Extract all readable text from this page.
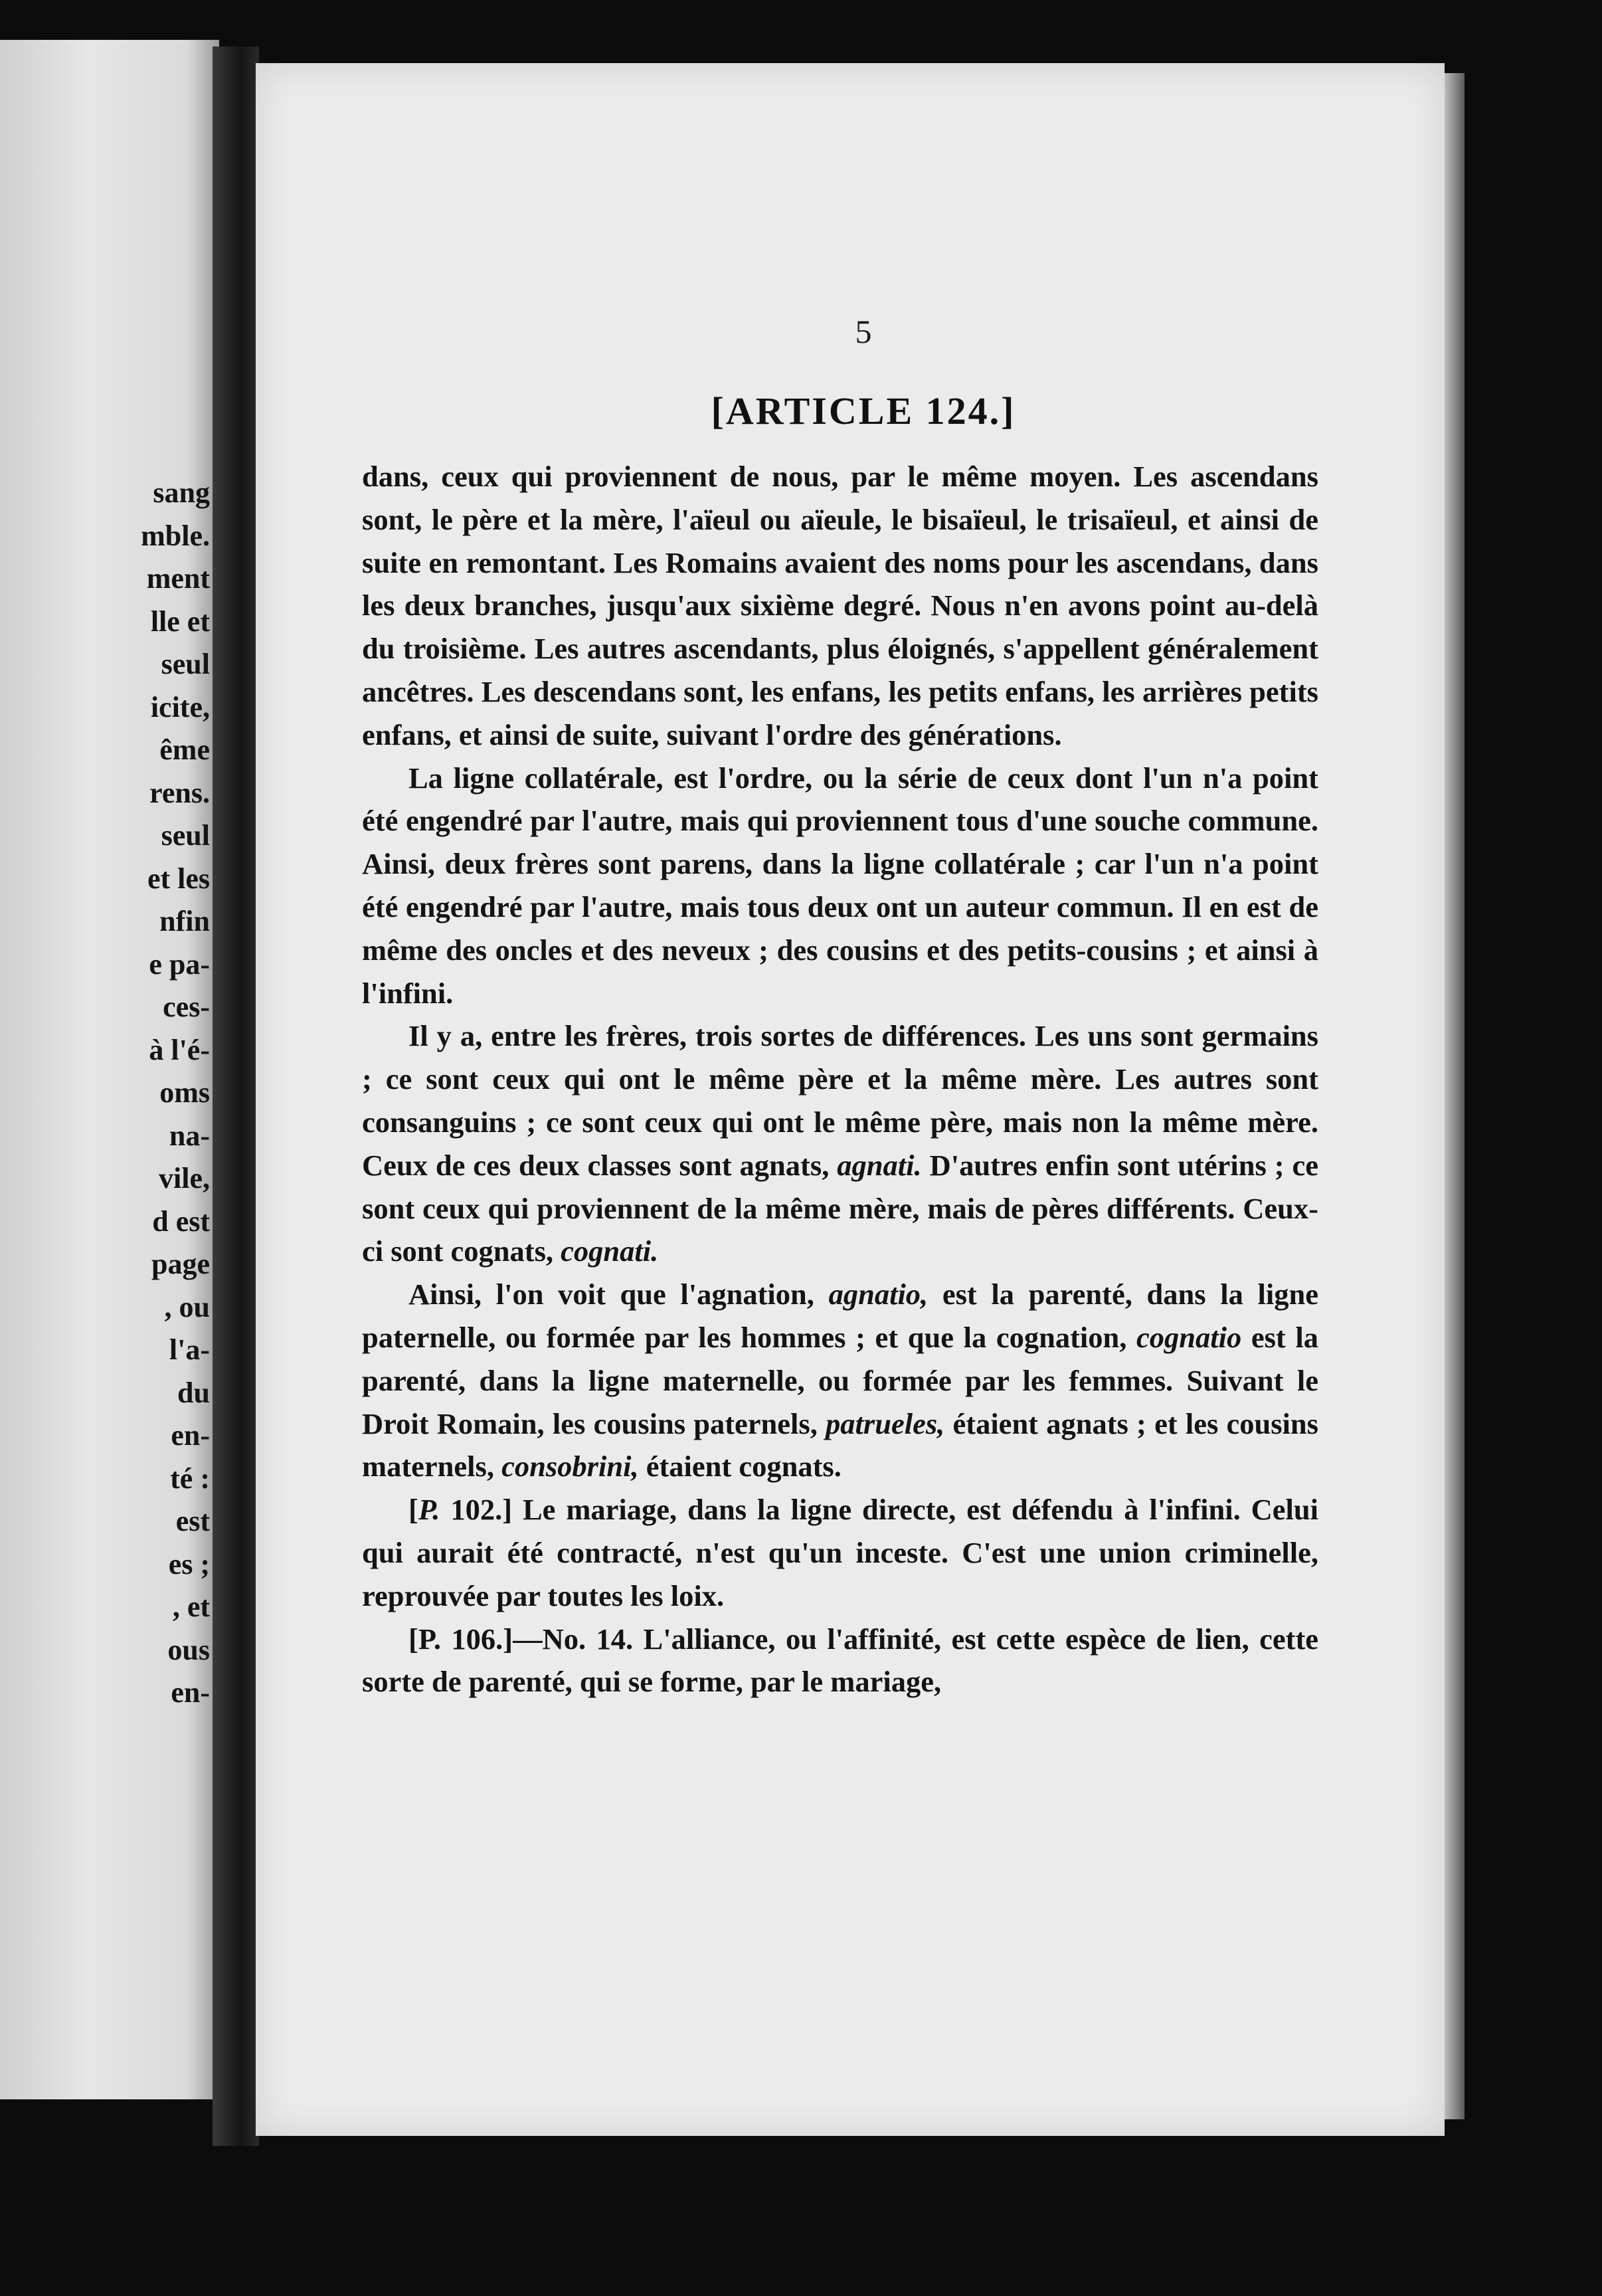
sang
mble.
ment
lle et
seul
icite,
ême
rens.
seul
et les
nfin
e pa-
ces-
à l'é-
oms
na-
vile,
d est
page
, ou
l'a-
du
en-
té :
est
es ;
, et
ous
en-
5
[ARTICLE 124.]

dans, ceux qui proviennent de nous, par le même moyen. Les ascendans sont, le père et la mère, l'aïeul ou aïeule, le bisaïeul, le trisaïeul, et ainsi de suite en remontant. Les Romains avaient des noms pour les ascendans, dans les deux branches, jusqu'aux sixième degré. Nous n'en avons point au-delà du troisième. Les autres ascendants, plus éloignés, s'appellent généralement ancêtres. Les descendans sont, les enfans, les petits enfans, les arrières petits enfans, et ainsi de suite, suivant l'ordre des générations.

La ligne collatérale, est l'ordre, ou la série de ceux dont l'un n'a point été engendré par l'autre, mais qui proviennent tous d'une souche commune. Ainsi, deux frères sont parens, dans la ligne collatérale ; car l'un n'a point été engendré par l'autre, mais tous deux ont un auteur commun. Il en est de même des oncles et des neveux ; des cousins et des petits-cousins ; et ainsi à l'infini.

Il y a, entre les frères, trois sortes de différences. Les uns sont germains ; ce sont ceux qui ont le même père et la même mère. Les autres sont consanguins ; ce sont ceux qui ont le même père, mais non la même mère. Ceux de ces deux classes sont agnats, agnati. D'autres enfin sont utérins ; ce sont ceux qui proviennent de la même mère, mais de pères différents. Ceux-ci sont cognats, cognati.

Ainsi, l'on voit que l'agnation, agnatio, est la parenté, dans la ligne paternelle, ou formée par les hommes ; et que la cognation, cognatio est la parenté, dans la ligne maternelle, ou formée par les femmes. Suivant le Droit Romain, les cousins paternels, patrueles, étaient agnats ; et les cousins maternels, consobrini, étaient cognats.

[P. 102.] Le mariage, dans la ligne directe, est défendu à l'infini. Celui qui aurait été contracté, n'est qu'un inceste. C'est une union criminelle, reprouvée par toutes les loix.

[P. 106.]—No. 14. L'alliance, ou l'affinité, est cette espèce de lien, cette sorte de parenté, qui se forme, par le mariage,
